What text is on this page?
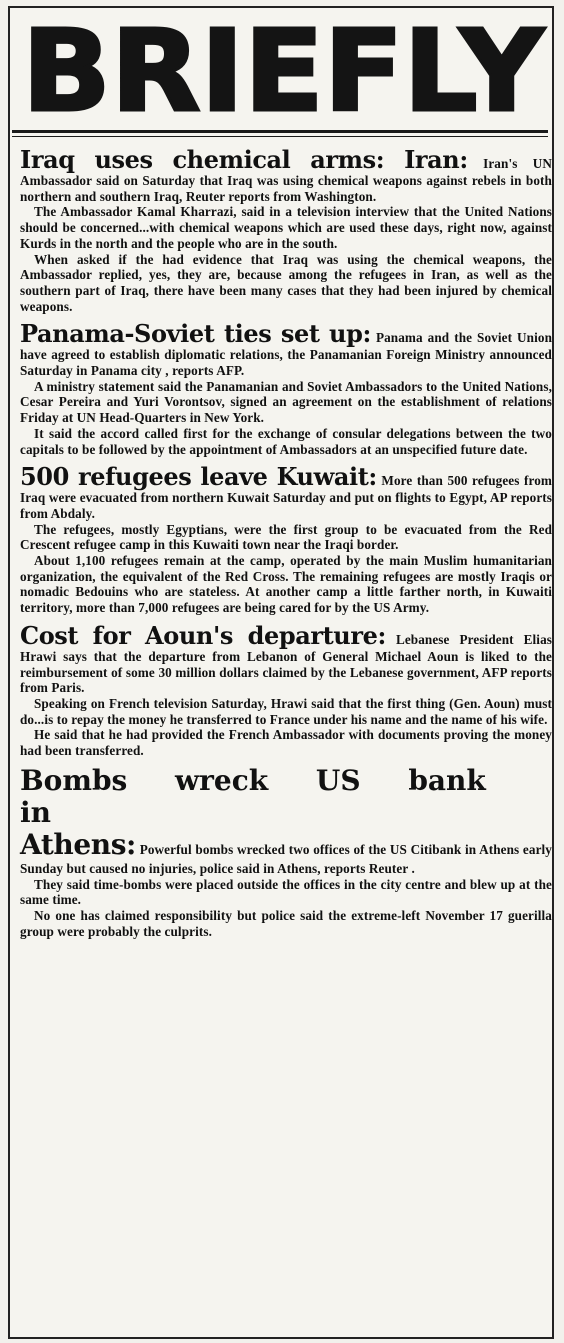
BRIEFLY

Iraq uses chemical arms: Iran: Iran's UN Ambassador said on Saturday that Iraq was using chemical weapons against rebels in both northern and southern Iraq, Reuter reports from Washington.

The Ambassador Kamal Kharrazi, said in a television interview that the United Nations should be concerned...with chemical weapons which are used these days, right now, against Kurds in the north and the people who are in the south.

When asked if the had evidence that Iraq was using the chemical weapons, the Ambassador replied, yes, they are, because among the refugees in Iran, as well as the southern part of Iraq, there have been many cases that they had been injured by chemical weapons.

Panama-Soviet ties set up: Panama and the Soviet Union have agreed to establish diplomatic relations, the Panamanian Foreign Ministry announced Saturday in Panama city , reports AFP.

A ministry statement said the Panamanian and Soviet Ambassadors to the United Nations, Cesar Pereira and Yuri Vorontsov, signed an agreement on the establishment of relations Friday at UN Head-Quarters in New York.

It said the accord called first for the exchange of consular delegations between the two capitals to be followed by the appointment of Ambassadors at an unspecified future date.

500 refugees leave Kuwait: More than 500 refugees from Iraq were evacuated from northern Kuwait Saturday and put on flights to Egypt, AP reports from Abdaly.

The refugees, mostly Egyptians, were the first group to be evacuated from the Red Crescent refugee camp in this Kuwaiti town near the Iraqi border.

About 1,100 refugees remain at the camp, operated by the main Muslim humanitarian organization, the equivalent of the Red Cross. The remaining refugees are mostly Iraqis or nomadic Bedouins who are stateless. At another camp a little farther north, in Kuwaiti territory, more than 7,000 refugees are being cared for by the US Army.

Cost for Aoun's departure: Lebanese President Elias Hrawi says that the departure from Lebanon of General Michael Aoun is liked to the reimbursement of some 30 million dollars claimed by the Lebanese government, AFP reports from Paris.

Speaking on French television Saturday, Hrawi said that the first thing (Gen. Aoun) must do...is to repay the money he transferred to France under his name and the name of his wife.

He said that he had provided the French Ambassador with documents proving the money had been transferred.

Bombs wreck US bank in

Athens: Powerful bombs wrecked two offices of the US Citibank in Athens early Sunday but caused no injuries, police said in Athens, reports Reuter .

They said time-bombs were placed outside the offices in the city centre and blew up at the same time.

No one has claimed responsibility but police said the extreme-left November 17 guerilla group were probably the culprits.
